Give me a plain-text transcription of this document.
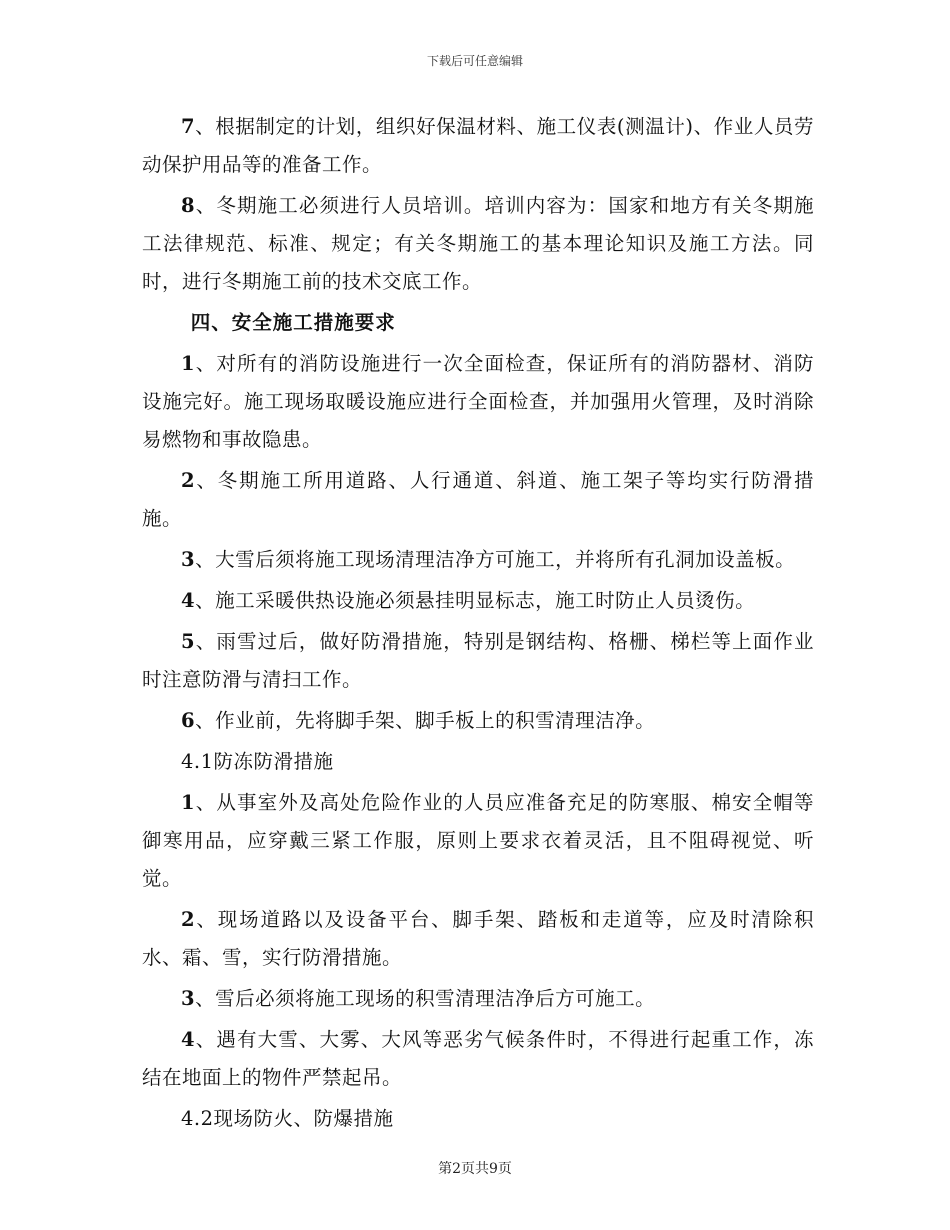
下载后可任意编辑

7、根据制定的计划，组织好保温材料、施工仪表(测温计)、作业人员劳动保护用品等的准备工作。

8、冬期施工必须进行人员培训。培训内容为：国家和地方有关冬期施工法律规范、标准、规定；有关冬期施工的基本理论知识及施工方法。同时，进行冬期施工前的技术交底工作。

四、安全施工措施要求

1、对所有的消防设施进行一次全面检查，保证所有的消防器材、消防设施完好。施工现场取暖设施应进行全面检查，并加强用火管理，及时消除易燃物和事故隐患。

2、冬期施工所用道路、人行通道、斜道、施工架子等均实行防滑措施。

3、大雪后须将施工现场清理洁净方可施工，并将所有孔洞加设盖板。

4、施工采暖供热设施必须悬挂明显标志，施工时防止人员烫伤。

5、雨雪过后，做好防滑措施，特别是钢结构、格栅、梯栏等上面作业时注意防滑与清扫工作。

6、作业前，先将脚手架、脚手板上的积雪清理洁净。

4.1防冻防滑措施

1、从事室外及高处危险作业的人员应准备充足的防寒服、棉安全帽等御寒用品，应穿戴三紧工作服，原则上要求衣着灵活，且不阻碍视觉、听觉。

2、现场道路以及设备平台、脚手架、踏板和走道等，应及时清除积水、霜、雪，实行防滑措施。

3、雪后必须将施工现场的积雪清理洁净后方可施工。

4、遇有大雪、大雾、大风等恶劣气候条件时，不得进行起重工作，冻结在地面上的物件严禁起吊。

4.2现场防火、防爆措施

第2页共9页
